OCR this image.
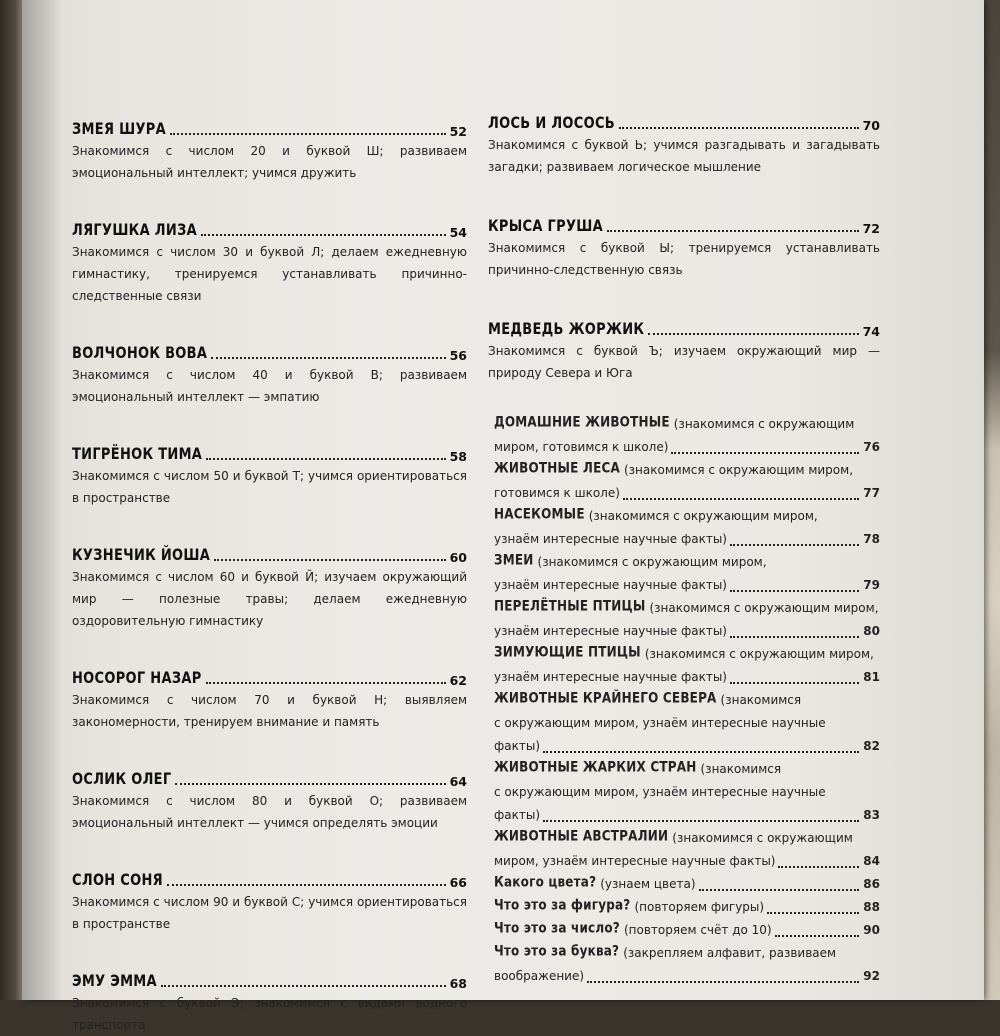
ЗМЕЯ ШУРА	52
Знакомимся с числом 20 и буквой Ш; развиваем эмоциональный интеллект; учимся дружить
ЛЯГУШКА ЛИЗА	54
Знакомимся с числом 30 и буквой Л; делаем ежедневную гимнастику, тренируемся устанавливать причинно-следственные связи
ВОЛЧОНОК ВОВА	56
Знакомимся с числом 40 и буквой В; развиваем эмоциональный интеллект — эмпатию
ТИГРЁНОК ТИМА	58
Знакомимся с числом 50 и буквой Т; учимся ориентироваться в пространстве
КУЗНЕЧИК ЙОША	60
Знакомимся с числом 60 и буквой Й; изучаем окружающий мир — полезные травы; делаем ежедневную оздоровительную гимнастику
НОСОРОГ НАЗАР	62
Знакомимся с числом 70 и буквой Н; выявляем закономерности, тренируем внимание и память
ОСЛИК ОЛЕГ	64
Знакомимся с числом 80 и буквой О; развиваем эмоциональный интеллект — учимся определять эмоции
СЛОН СОНЯ	66
Знакомимся с числом 90 и буквой С; учимся ориентироваться в пространстве
ЭМУ ЭММА	68
Знакомимся с буквой Э; знакомимся с видами водного транспорта
ЛОСЬ И ЛОСОСЬ	70
Знакомимся с буквой Ь; учимся разгадывать и загадывать загадки; развиваем логическое мышление
КРЫСА ГРУША	72
Знакомимся с буквой Ы; тренируемся устанавливать причинно-следственную связь
МЕДВЕДЬ ЖОРЖИК	74
Знакомимся с буквой Ъ; изучаем окружающий мир — природу Севера и Юга
ДОМАШНИЕ ЖИВОТНЫЕ (знакомимся с окружающим
миром, готовимся к школе)	76
ЖИВОТНЫЕ ЛЕСА (знакомимся с окружающим миром,
готовимся к школе)	77
НАСЕКОМЫЕ (знакомимся с окружающим миром,
узнаём интересные научные факты)	78
ЗМЕИ (знакомимся с окружающим миром,
узнаём интересные научные факты)	79
ПЕРЕЛЁТНЫЕ ПТИЦЫ (знакомимся с окружающим миром,
узнаём интересные научные факты)	80
ЗИМУЮЩИЕ ПТИЦЫ (знакомимся с окружающим миром,
узнаём интересные научные факты)	81
ЖИВОТНЫЕ КРАЙНЕГО СЕВЕРА (знакомимся
с окружающим миром, узнаём интересные научные
факты)	82
ЖИВОТНЫЕ ЖАРКИХ СТРАН (знакомимся
с окружающим миром, узнаём интересные научные
факты)	83
ЖИВОТНЫЕ АВСТРАЛИИ (знакомимся с окружающим
миром, узнаём интересные научные факты)	84
Какого цвета? (узнаем цвета)	86
Что это за фигура? (повторяем фигуры)	88
Что это за число? (повторяем счёт до 10)	90
Что это за буква? (закрепляем алфавит, развиваем
воображение)	92
